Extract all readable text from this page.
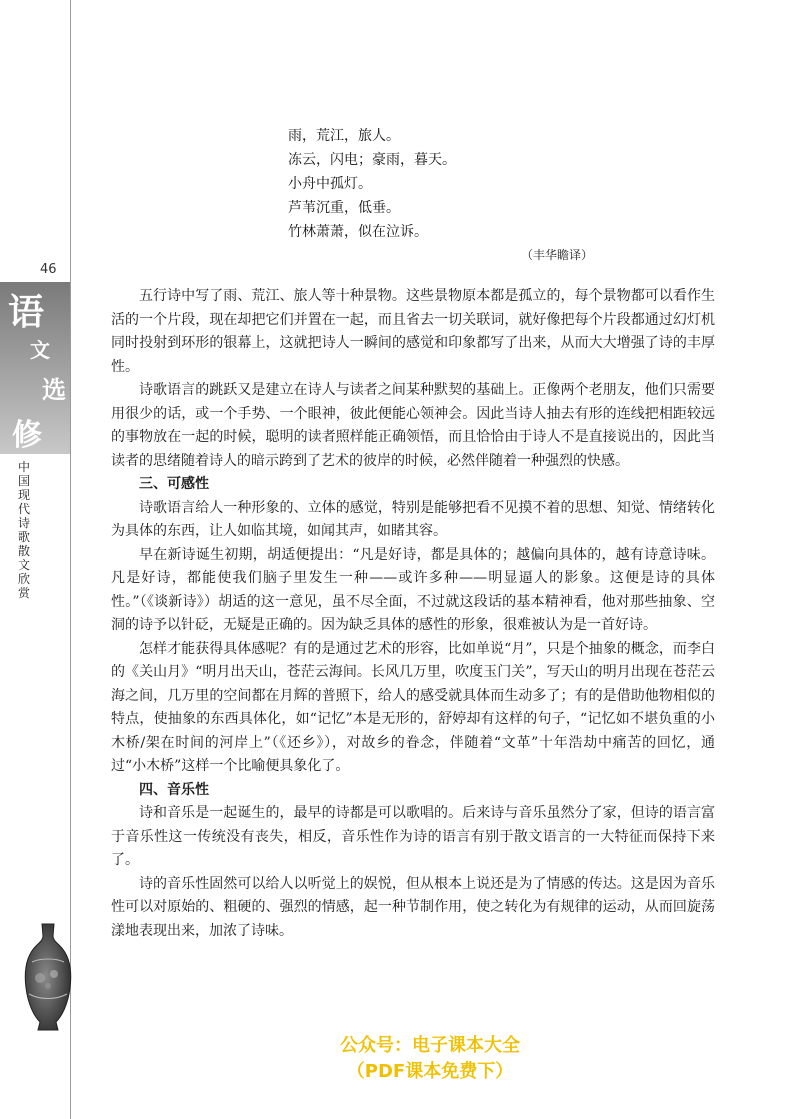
46
语
文
选
修
中国现代诗歌散文欣赏
雨，荒江，旅人。
冻云，闪电；豪雨，暮天。
小舟中孤灯。
芦苇沉重，低垂。
竹林萧萧，似在泣诉。
（丰华瞻译）

五行诗中写了雨、荒江、旅人等十种景物。这些景物原本都是孤立的，每个景物都可以看作生活的一个片段，现在却把它们并置在一起，而且省去一切关联词，就好像把每个片段都通过幻灯机同时投射到环形的银幕上，这就把诗人一瞬间的感觉和印象都写了出来，从而大大增强了诗的丰厚性。

诗歌语言的跳跃又是建立在诗人与读者之间某种默契的基础上。正像两个老朋友，他们只需要用很少的话，或一个手势、一个眼神，彼此便能心领神会。因此当诗人抽去有形的连线把相距较远的事物放在一起的时候，聪明的读者照样能正确领悟，而且恰恰由于诗人不是直接说出的，因此当读者的思绪随着诗人的暗示跨到了艺术的彼岸的时候，必然伴随着一种强烈的快感。

三、可感性

诗歌语言给人一种形象的、立体的感觉，特别是能够把看不见摸不着的思想、知觉、情绪转化为具体的东西，让人如临其境，如闻其声，如睹其容。

早在新诗诞生初期，胡适便提出：“凡是好诗，都是具体的；越偏向具体的，越有诗意诗味。凡是好诗，都能使我们脑子里发生一种——或许多种——明显逼人的影象。这便是诗的具体性。”（《谈新诗》）胡适的这一意见，虽不尽全面，不过就这段话的基本精神看，他对那些抽象、空洞的诗予以针砭，无疑是正确的。因为缺乏具体的感性的形象，很难被认为是一首好诗。

怎样才能获得具体感呢？有的是通过艺术的形容，比如单说“月”，只是个抽象的概念，而李白的《关山月》“明月出天山，苍茫云海间。长风几万里，吹度玉门关”，写天山的明月出现在苍茫云海之间，几万里的空间都在月辉的普照下，给人的感受就具体而生动多了；有的是借助他物相似的特点，使抽象的东西具体化，如“记忆”本是无形的，舒婷却有这样的句子，“记忆如不堪负重的小木桥/架在时间的河岸上”（《还乡》），对故乡的眷念，伴随着“文革”十年浩劫中痛苦的回忆，通过“小木桥”这样一个比喻便具象化了。

四、音乐性

诗和音乐是一起诞生的，最早的诗都是可以歌唱的。后来诗与音乐虽然分了家，但诗的语言富于音乐性这一传统没有丧失，相反，音乐性作为诗的语言有别于散文语言的一大特征而保持下来了。

诗的音乐性固然可以给人以听觉上的娱悦，但从根本上说还是为了情感的传达。这是因为音乐性可以对原始的、粗硬的、强烈的情感，起一种节制作用，使之转化为有规律的运动，从而回旋荡漾地表现出来，加浓了诗味。

公众号：电子课本大全
（PDF课本免费下）
